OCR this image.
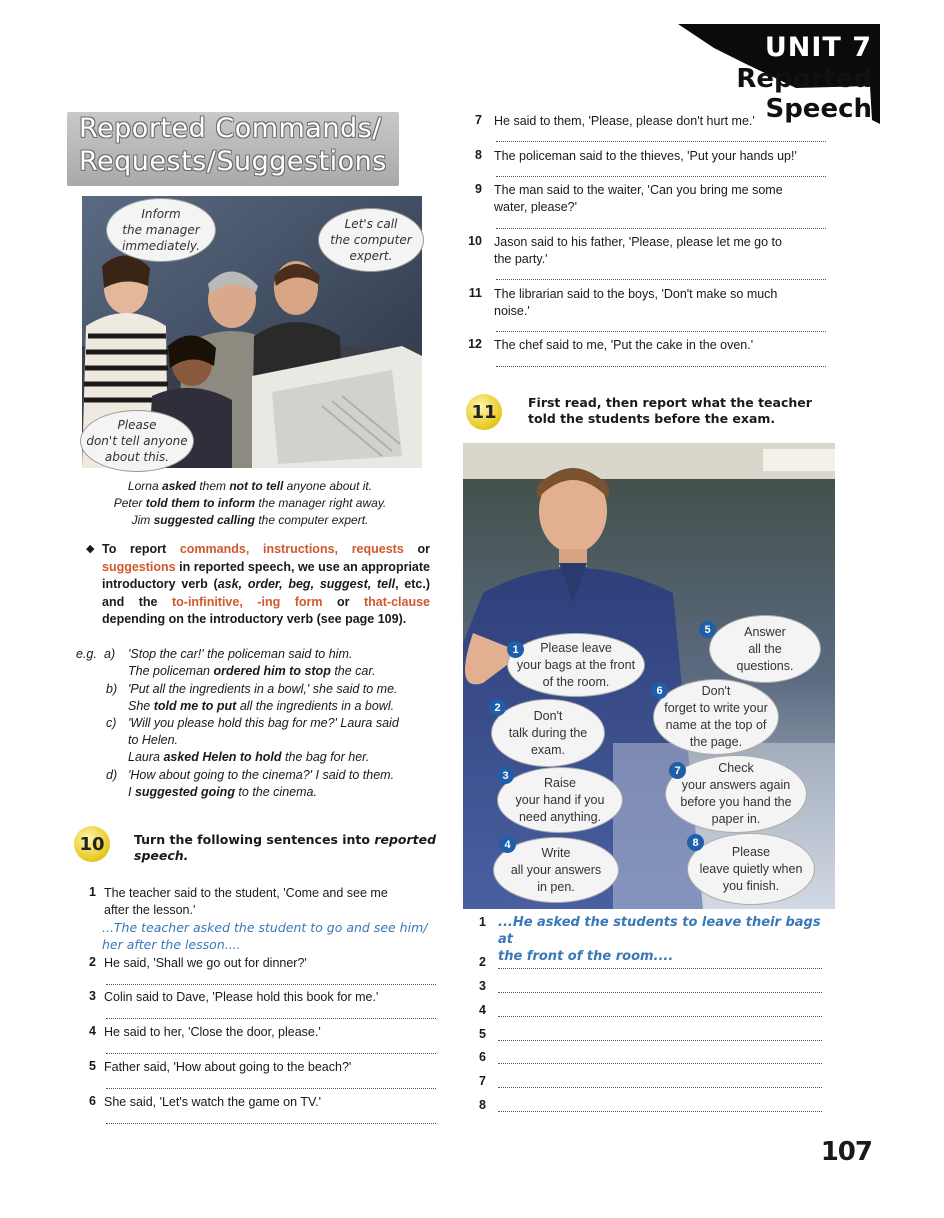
UNIT 7
Reported Speech
Reported Commands/
Requests/Suggestions
Inform
the manager
immediately.
Let's call
the computer
expert.
Please
don't tell anyone
about this.
Lorna asked them not to tell anyone about it.
Peter told them to inform the manager right away.
Jim suggested calling the computer expert.
◆ To report commands, instructions, requests or suggestions in reported speech, we use an appropriate introductory verb (ask, order, beg, suggest, tell, etc.) and the to-infinitive, -ing form or that-clause depending on the introductory verb (see page 109).
e.g. a) 'Stop the car!' the policeman said to him.
The policeman ordered him to stop the car.
b) 'Put all the ingredients in a bowl,' she said to me.
She told me to put all the ingredients in a bowl.
c) 'Will you please hold this bag for me?' Laura said
to Helen.
Laura asked Helen to hold the bag for her.
d) 'How about going to the cinema?' I said to them.
I suggested going to the cinema.
10	Turn the following sentences into reported
speech.
1 The teacher said to the student, 'Come and see me
after the lesson.'
...The teacher asked the student to go and see him/
her after the lesson....
2 He said, 'Shall we go out for dinner?'
3 Colin said to Dave, 'Please hold this book for me.'
4 He said to her, 'Close the door, please.'
5 Father said, 'How about going to the beach?'
6 She said, 'Let's watch the game on TV.'
7 He said to them, 'Please, please don't hurt me.'
8 The policeman said to the thieves, 'Put your hands up!'
9 The man said to the waiter, 'Can you bring me some
water, please?'
10 Jason said to his father, 'Please, please let me go to
the party.'
11 The librarian said to the boys, 'Don't make so much
noise.'
12 The chef said to me, 'Put the cake in the oven.'
11	First read, then report what the teacher
told the students before the exam.
Please leave
your bags at the front
of the room.
1
Don't
talk during the
exam.
2
Raise
your hand if you
need anything.
3
Write
all your answers
in pen.
4
Answer
all the
questions.
5
Don't
forget to write your
name at the top of
the page.
6
Check
your answers again
before you hand the
paper in.
7
Please
leave quietly when
you finish.
8
1 ...He asked the students to leave their bags at
the front of the room....
2
3
4
5
6
7
8
107
